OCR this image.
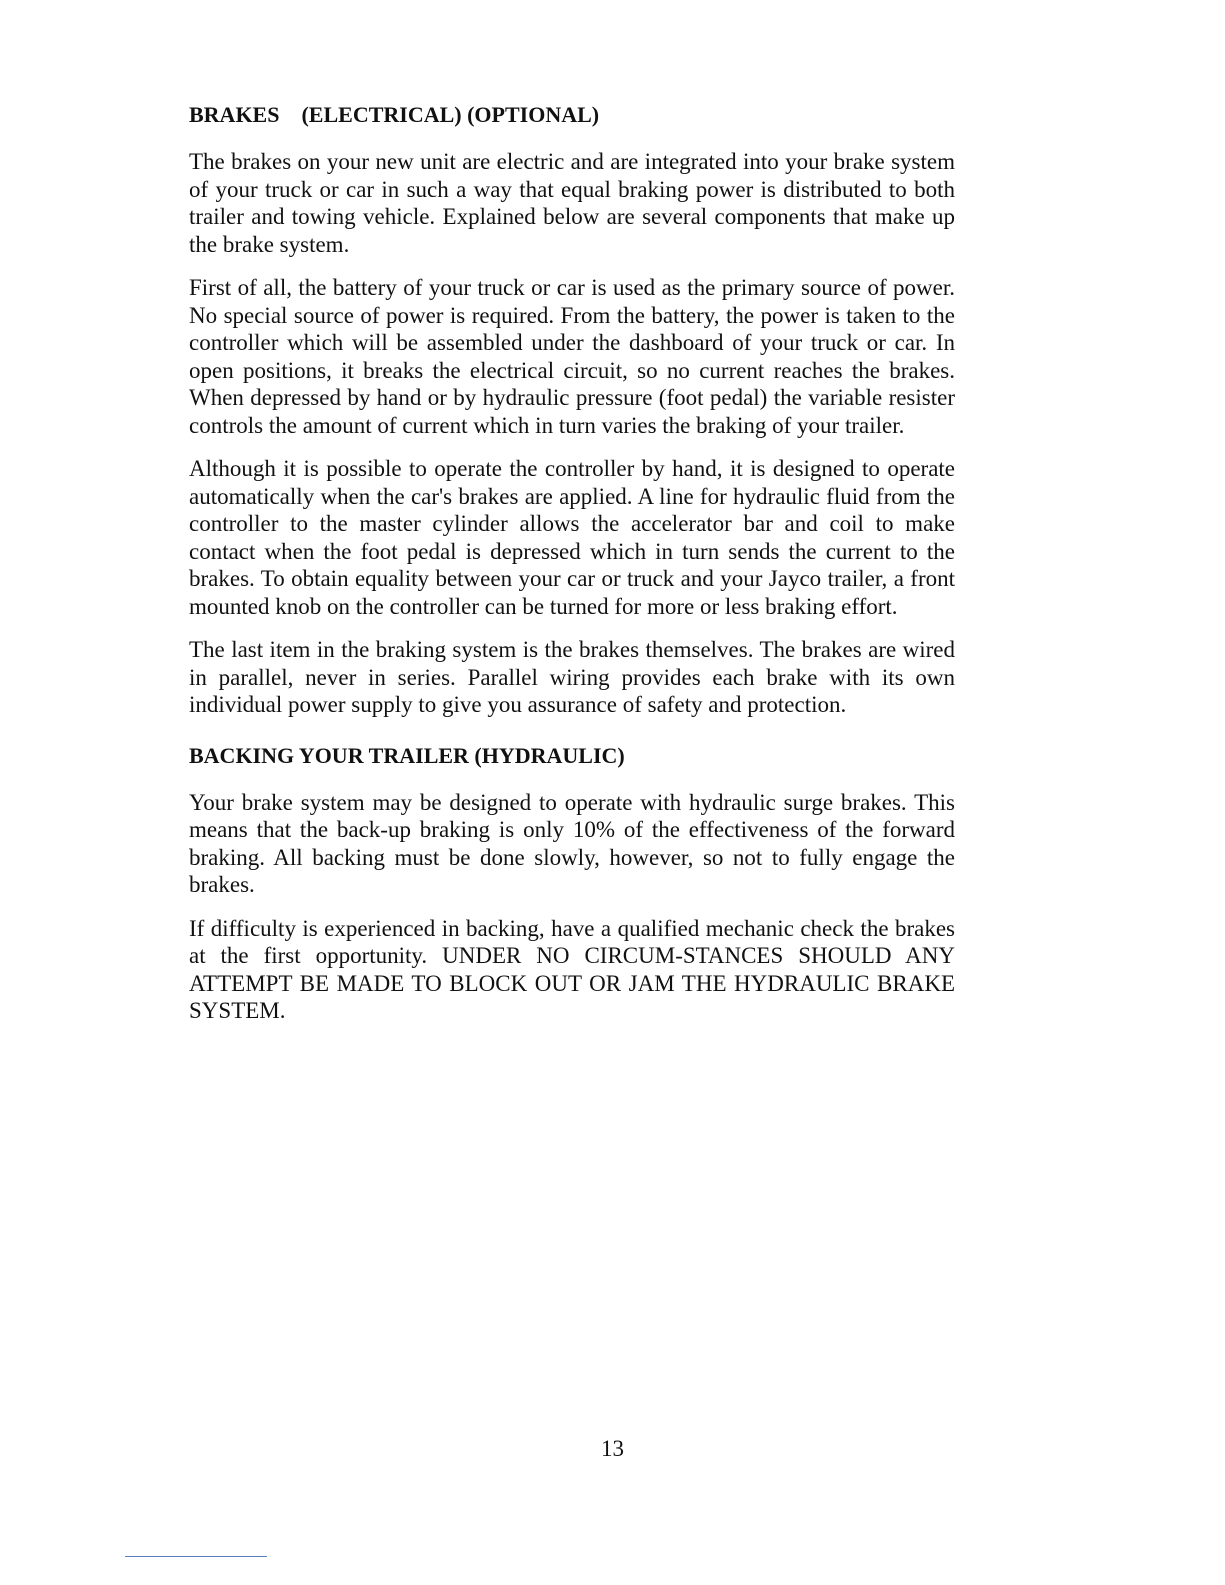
BRAKES    (ELECTRICAL) (OPTIONAL)

The brakes on your new unit are electric and are integrated into your brake system of your truck or car in such a way that equal braking power is distributed to both trailer and towing vehicle. Explained below are several components that make up the brake system.

First of all, the battery of your truck or car is used as the primary source of power. No special source of power is required. From the battery, the power is taken to the controller which will be assembled under the dashboard of your truck or car. In open positions, it breaks the electrical circuit, so no current reaches the brakes. When depressed by hand or by hydraulic pressure (foot pedal) the variable resister controls the amount of current which in turn varies the braking of your trailer.

Although it is possible to operate the controller by hand, it is designed to operate automatically when the car's brakes are applied. A line for hydraulic fluid from the controller to the master cylinder allows the accelerator bar and coil to make contact when the foot pedal is depressed which in turn sends the current to the brakes. To obtain equality between your car or truck and your Jayco trailer, a front mounted knob on the controller can be turned for more or less braking effort.

The last item in the braking system is the brakes themselves. The brakes are wired in parallel, never in series. Parallel wiring provides each brake with its own individual power supply to give you assurance of safety and protection.

BACKING YOUR TRAILER (HYDRAULIC)

Your brake system may be designed to operate with hydraulic surge brakes. This means that the back-up braking is only 10% of the effectiveness of the forward braking. All backing must be done slowly, however, so not to fully engage the brakes.

If difficulty is experienced in backing, have a qualified mechanic check the brakes at the first opportunity. UNDER NO CIRCUM-STANCES SHOULD ANY ATTEMPT BE MADE TO BLOCK OUT OR JAM THE HYDRAULIC BRAKE SYSTEM.

13
